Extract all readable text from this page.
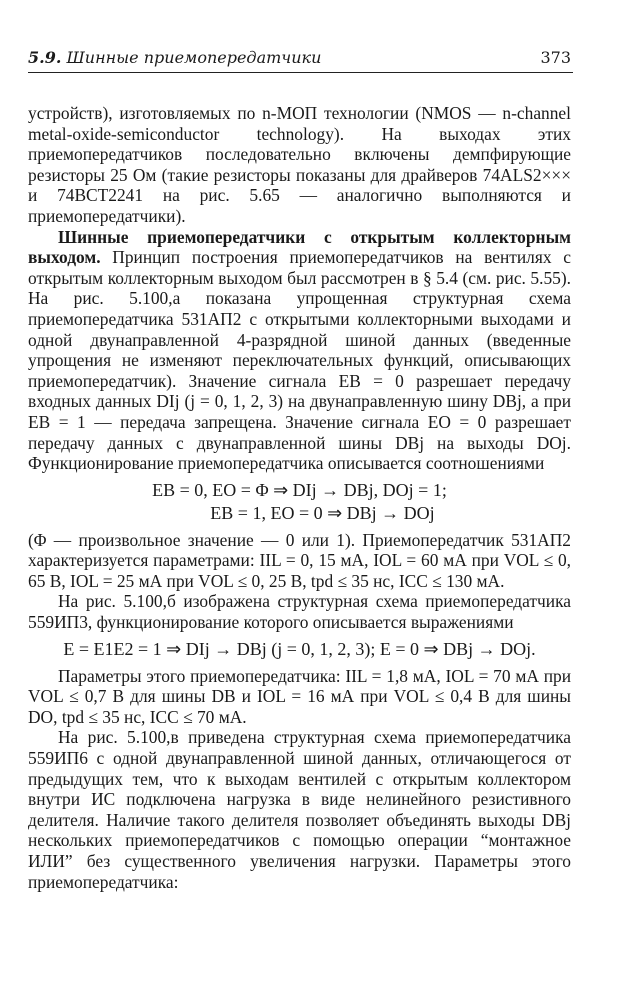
5.9. Шинные приемопередатчики	373

устройств), изготовляемых по n-МОП технологии (NMOS — n-channel metal-oxide-semiconductor technology). На выходах этих приемопередатчиков последовательно включены демпфирующие резисторы 25 Ом (такие резисторы показаны для драйверов 74ALS2××× и 74BCT2241 на рис. 5.65 — аналогично выполняются и приемопередатчики).

Шинные приемопередатчики с открытым коллекторным выходом. Принцип построения приемопередатчиков на вентилях с открытым коллекторным выходом был рассмотрен в § 5.4 (см. рис. 5.55). На рис. 5.100,а показана упрощенная структурная схема приемопередатчика 531АП2 с открытыми коллекторными выходами и одной двунаправленной 4-разрядной шиной данных (введенные упрощения не изменяют переключательных функций, описывающих приемопередатчик). Значение сигнала EB = 0 разрешает передачу входных данных DIj (j = 0, 1, 2, 3) на двунаправленную шину DBj, а при EB = 1 — передача запрещена. Значение сигнала EO = 0 разрешает передачу данных с двунаправленной шины DBj на выходы DOj. Функционирование приемопередатчика описывается соотношениями

EB = 0, EO = Φ ⇒ DIj → DBj, DOj = 1;
EB = 1, EO = 0 ⇒ DBj → DOj

(Φ — произвольное значение — 0 или 1). Приемопередатчик 531АП2 характеризуется параметрами: IIL = 0, 15 мА, IOL = 60 мА при VOL ≤ 0, 65 В, IOL = 25 мА при VOL ≤ 0, 25 В, tpd ≤ 35 нс, ICC ≤ 130 мА.

На рис. 5.100,б изображена структурная схема приемопередатчика 559ИП3, функционирование которого описывается выражениями

E = E1E2 = 1 ⇒ DIj → DBj (j = 0, 1, 2, 3); E = 0 ⇒ DBj → DOj.

Параметры этого приемопередатчика: IIL = 1,8 мА, IOL = 70 мА при VOL ≤ 0,7 В для шины DB и IOL = 16 мА при VOL ≤ 0,4 В для шины DO, tpd ≤ 35 нс, ICC ≤ 70 мА.

На рис. 5.100,в приведена структурная схема приемопередатчика 559ИП6 с одной двунаправленной шиной данных, отличающегося от предыдущих тем, что к выходам вентилей с открытым коллектором внутри ИС подключена нагрузка в виде нелинейного резистивного делителя. Наличие такого делителя позволяет объединять выходы DBj нескольких приемопередатчиков с помощью операции “монтажное ИЛИ” без существенного увеличения нагрузки. Параметры этого приемопередатчика:
